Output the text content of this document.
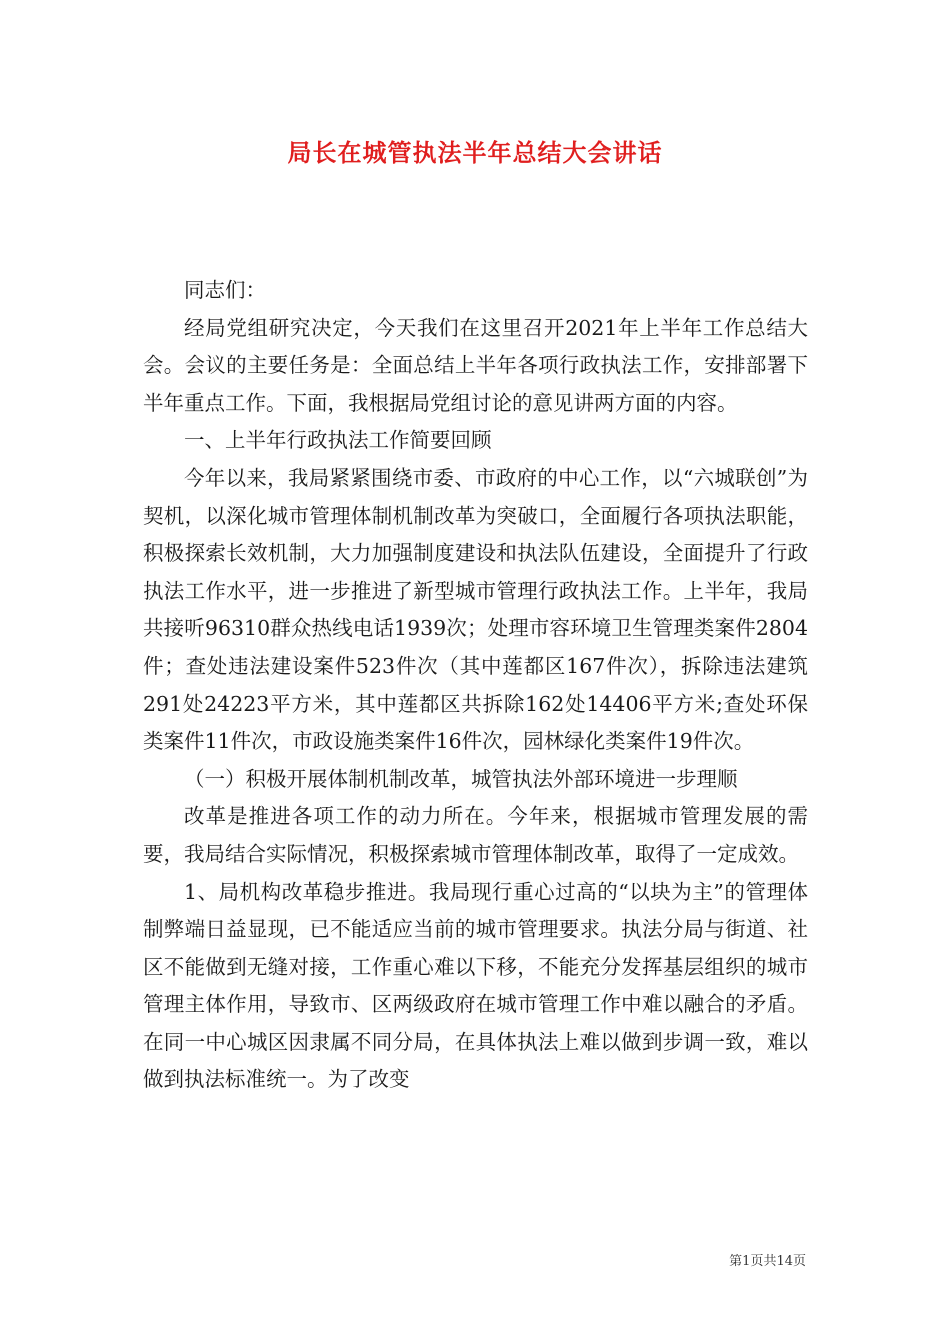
局长在城管执法半年总结大会讲话

同志们：

经局党组研究决定，今天我们在这里召开2021年上半年工作总结大会。会议的主要任务是：全面总结上半年各项行政执法工作，安排部署下半年重点工作。下面，我根据局党组讨论的意见讲两方面的内容。

一、上半年行政执法工作简要回顾

今年以来，我局紧紧围绕市委、市政府的中心工作，以“六城联创”为契机，以深化城市管理体制机制改革为突破口，全面履行各项执法职能，积极探索长效机制，大力加强制度建设和执法队伍建设，全面提升了行政执法工作水平，进一步推进了新型城市管理行政执法工作。上半年，我局共接听96310群众热线电话1939次；处理市容环境卫生管理类案件2804件；查处违法建设案件523件次（其中莲都区167件次），拆除违法建筑291处24223平方米，其中莲都区共拆除162处14406平方米;查处环保类案件11件次，市政设施类案件16件次，园林绿化类案件19件次。

（一）积极开展体制机制改革，城管执法外部环境进一步理顺

改革是推进各项工作的动力所在。今年来，根据城市管理发展的需要，我局结合实际情况，积极探索城市管理体制改革，取得了一定成效。

1、局机构改革稳步推进。我局现行重心过高的“以块为主”的管理体制弊端日益显现，已不能适应当前的城市管理要求。执法分局与街道、社区不能做到无缝对接，工作重心难以下移，不能充分发挥基层组织的城市管理主体作用，导致市、区两级政府在城市管理工作中难以融合的矛盾。在同一中心城区因隶属不同分局，在具体执法上难以做到步调一致，难以做到执法标准统一。为了改变

第1页共14页
